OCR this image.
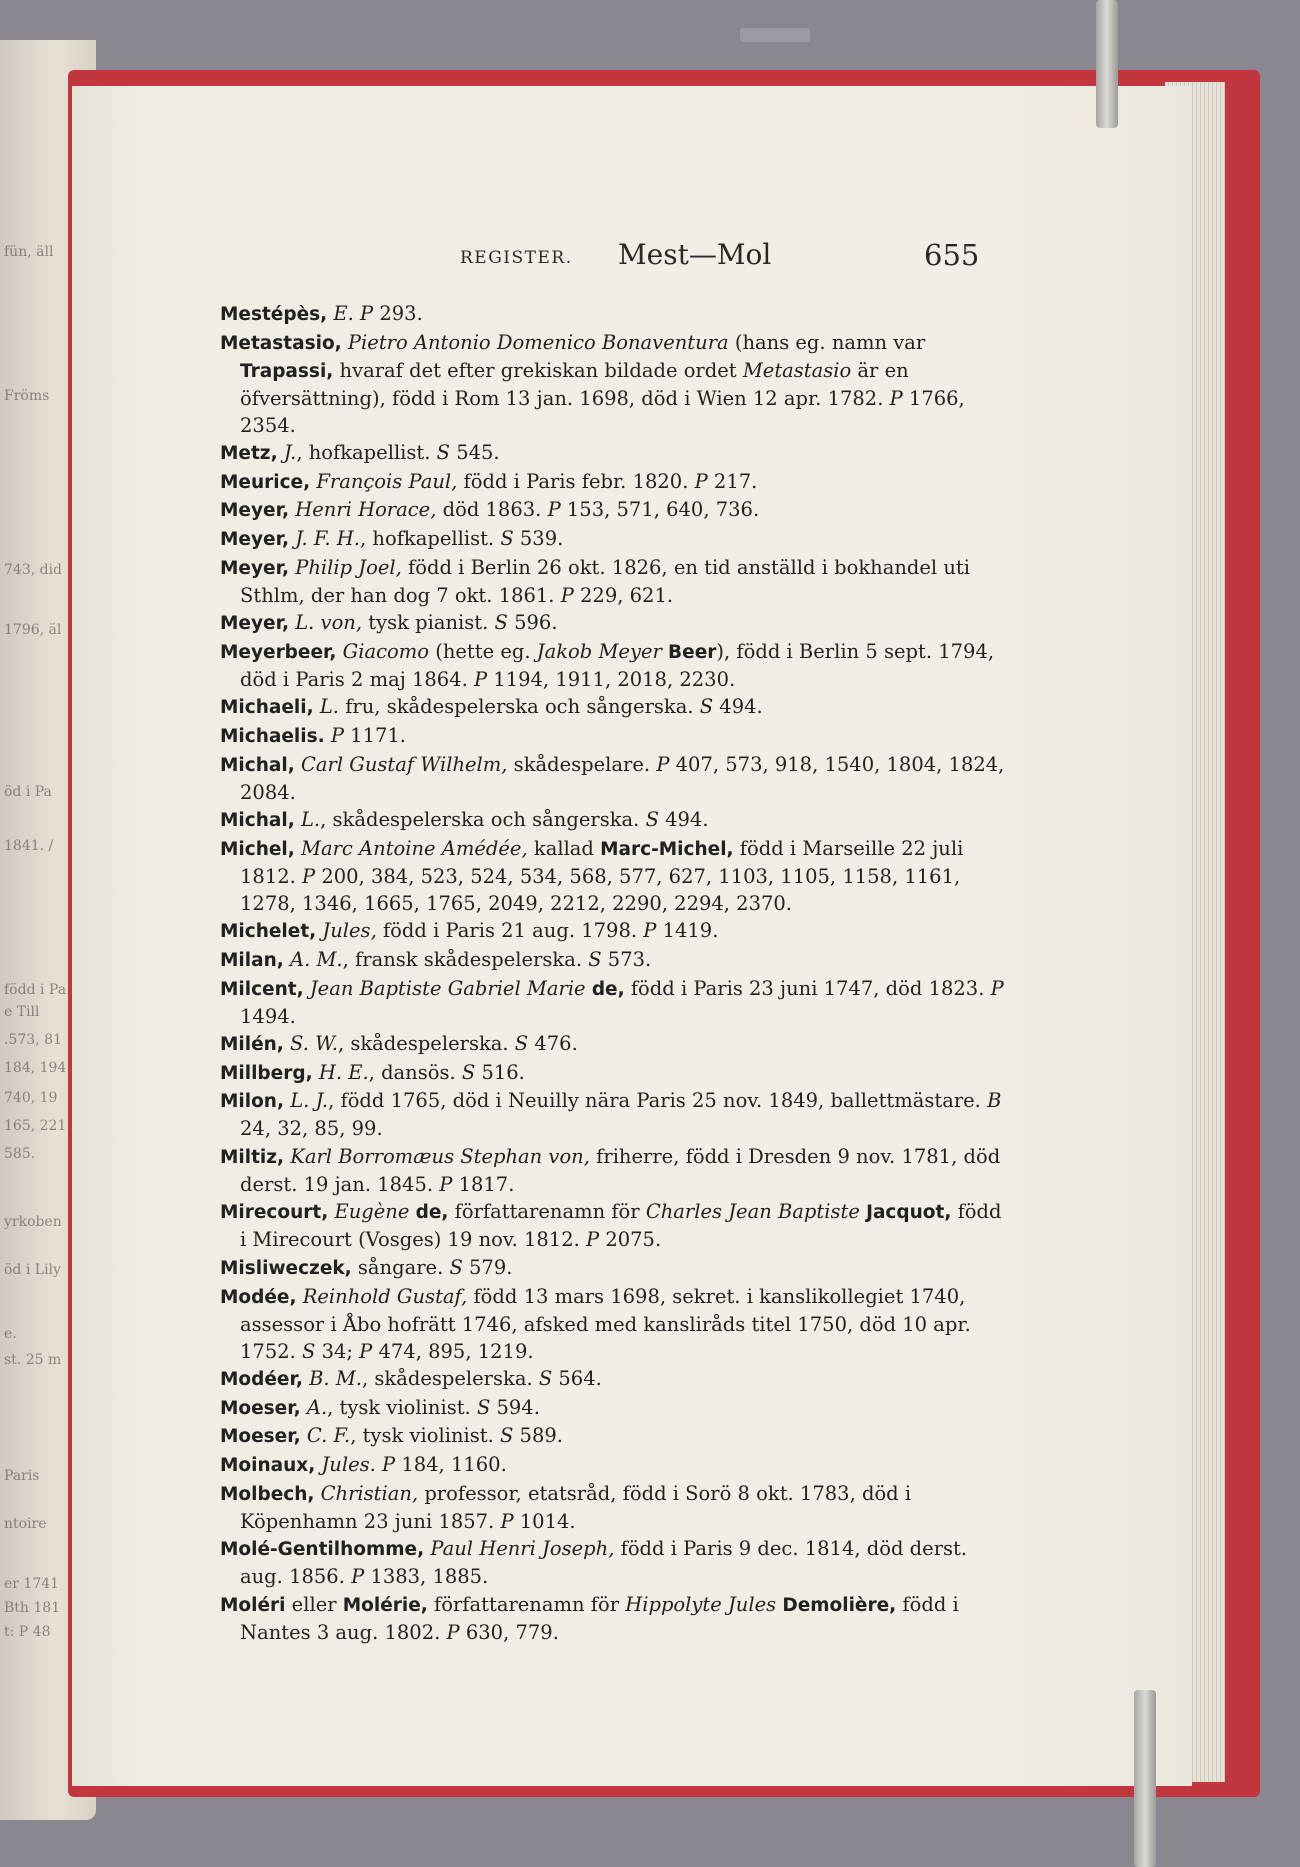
fün, äll
Fröms
743, did
1796, äl
öd i Pa
1841. /
född i Pa
e Till
.573, 81
184, 194
740, 19
165, 221
585.
yrkoben
öd i Lily
e.
st. 25 m
Paris
ntoire
er 1741
Bth 181
t: P 48
REGISTER. Mest—Mol	655
Mestépès, E. P 293.
Metastasio, Pietro Antonio Domenico Bonaventura (hans eg. namn var Trapassi, hvaraf det efter grekiskan bildade ordet Metastasio är en öfversättning), född i Rom 13 jan. 1698, död i Wien 12 apr. 1782. P 1766, 2354.
Metz, J., hofkapellist. S 545.
Meurice, François Paul, född i Paris febr. 1820. P 217.
Meyer, Henri Horace, död 1863. P 153, 571, 640, 736.
Meyer, J. F. H., hofkapellist. S 539.
Meyer, Philip Joel, född i Berlin 26 okt. 1826, en tid anställd i bokhandel uti Sthlm, der han dog 7 okt. 1861. P 229, 621.
Meyer, L. von, tysk pianist. S 596.
Meyerbeer, Giacomo (hette eg. Jakob Meyer Beer), född i Berlin 5 sept. 1794, död i Paris 2 maj 1864. P 1194, 1911, 2018, 2230.
Michaeli, L. fru, skådespelerska och sångerska. S 494.
Michaelis. P 1171.
Michal, Carl Gustaf Wilhelm, skådespelare. P 407, 573, 918, 1540, 1804, 1824, 2084.
Michal, L., skådespelerska och sångerska. S 494.
Michel, Marc Antoine Amédée, kallad Marc-Michel, född i Marseille 22 juli 1812. P 200, 384, 523, 524, 534, 568, 577, 627, 1103, 1105, 1158, 1161, 1278, 1346, 1665, 1765, 2049, 2212, 2290, 2294, 2370.
Michelet, Jules, född i Paris 21 aug. 1798. P 1419.
Milan, A. M., fransk skådespelerska. S 573.
Milcent, Jean Baptiste Gabriel Marie de, född i Paris 23 juni 1747, död 1823. P 1494.
Milén, S. W., skådespelerska. S 476.
Millberg, H. E., dansös. S 516.
Milon, L. J., född 1765, död i Neuilly nära Paris 25 nov. 1849, ballettmästare. B 24, 32, 85, 99.
Miltiz, Karl Borromæus Stephan von, friherre, född i Dresden 9 nov. 1781, död derst. 19 jan. 1845. P 1817.
Mirecourt, Eugène de, författarenamn för Charles Jean Baptiste Jacquot, född i Mirecourt (Vosges) 19 nov. 1812. P 2075.
Misliweczek, sångare. S 579.
Modée, Reinhold Gustaf, född 13 mars 1698, sekret. i kanslikollegiet 1740, assessor i Åbo hofrätt 1746, afsked med kansliråds titel 1750, död 10 apr. 1752. S 34; P 474, 895, 1219.
Modéer, B. M., skådespelerska. S 564.
Moeser, A., tysk violinist. S 594.
Moeser, C. F., tysk violinist. S 589.
Moinaux, Jules. P 184, 1160.
Molbech, Christian, professor, etatsråd, född i Sorö 8 okt. 1783, död i Köpenhamn 23 juni 1857. P 1014.
Molé-Gentilhomme, Paul Henri Joseph, född i Paris 9 dec. 1814, död derst. aug. 1856. P 1383, 1885.
Moléri eller Molérie, författarenamn för Hippolyte Jules Demolière, född i Nantes 3 aug. 1802. P 630, 779.
